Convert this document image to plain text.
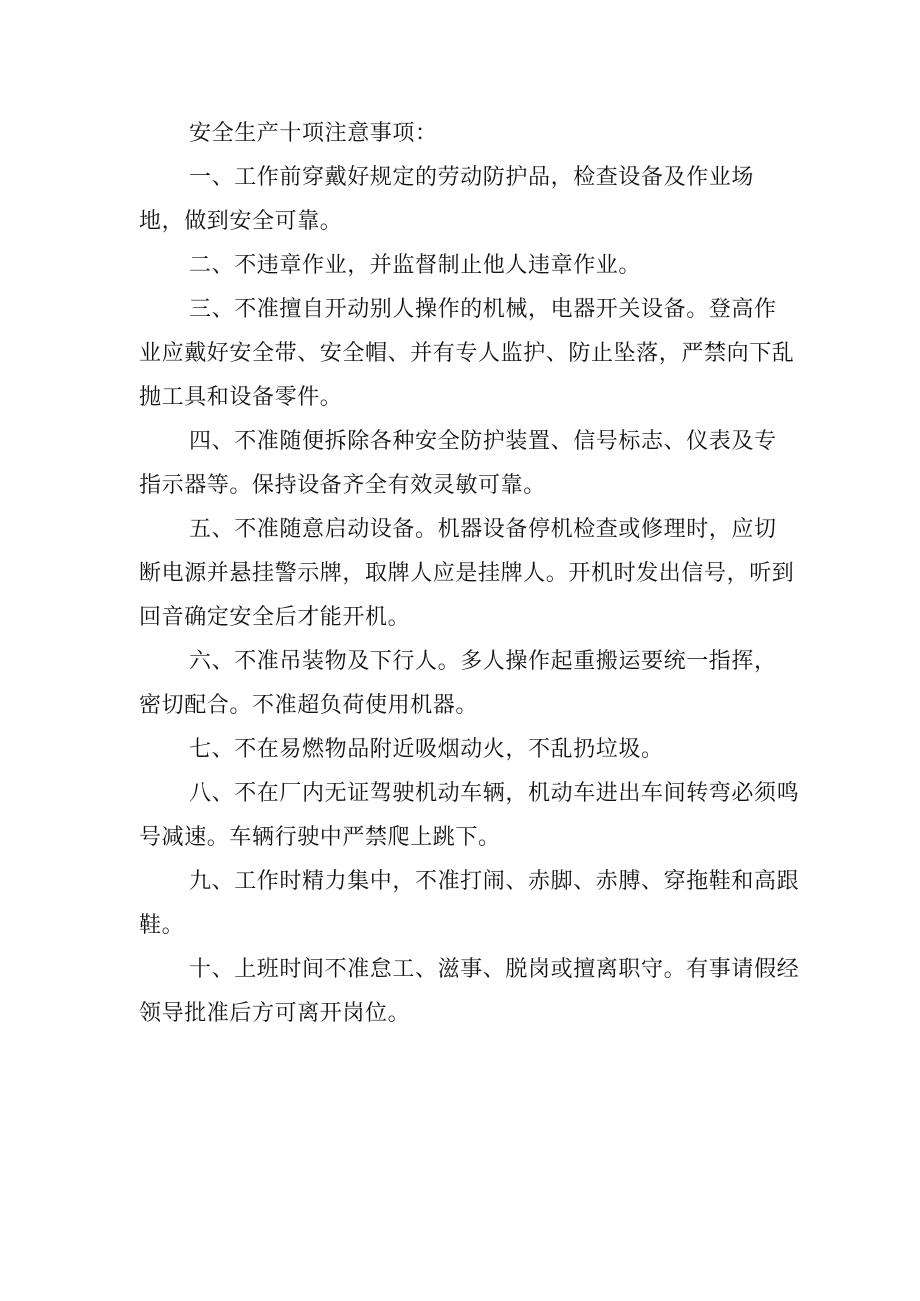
安全生产十项注意事项：

一、工作前穿戴好规定的劳动防护品，检查设备及作业场
地，做到安全可靠。

二、不违章作业，并监督制止他人违章作业。

三、不准擅自开动别人操作的机械，电器开关设备。登高作
业应戴好安全带、安全帽、并有专人监护、防止坠落，严禁向下乱
抛工具和设备零件。

四、不准随便拆除各种安全防护装置、信号标志、仪表及专
指示器等。保持设备齐全有效灵敏可靠。

五、不准随意启动设备。机器设备停机检查或修理时，应切
断电源并悬挂警示牌，取牌人应是挂牌人。开机时发出信号，听到
回音确定安全后才能开机。

六、不准吊装物及下行人。多人操作起重搬运要统一指挥，
密切配合。不准超负荷使用机器。

七、不在易燃物品附近吸烟动火，不乱扔垃圾。

八、不在厂内无证驾驶机动车辆，机动车进出车间转弯必须鸣
号减速。车辆行驶中严禁爬上跳下。

九、工作时精力集中，不准打闹、赤脚、赤膊、穿拖鞋和高跟
鞋。

十、上班时间不准怠工、滋事、脱岗或擅离职守。有事请假经
领导批准后方可离开岗位。
